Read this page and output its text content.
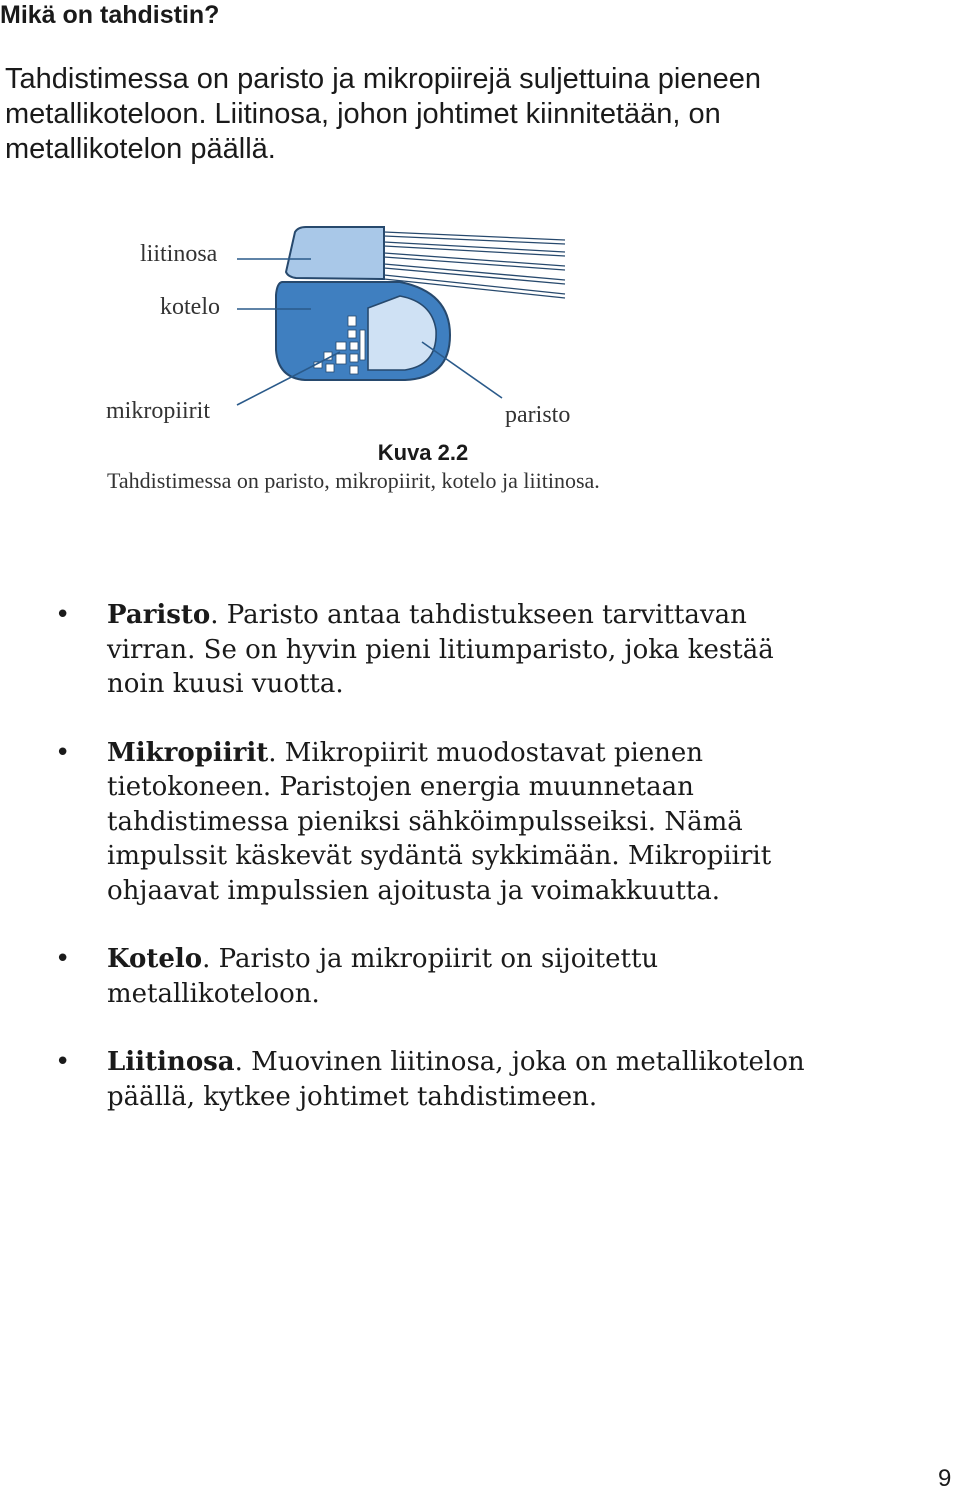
Mikä on tahdistin?
Tahdistimessa on paristo ja mikropiirejä suljettuina pieneen
metallikoteloon. Liitinosa, johon johtimet kiinnitetään, on
metallikotelon päällä.
liitinosa
kotelo
mikropiirit	paristo
Kuva 2.2
Tahdistimessa on paristo, mikropiirit, kotelo ja liitinosa.
• Paristo. Paristo antaa tahdistukseen tarvittavan
virran. Se on hyvin pieni litiumparisto, joka kestää
noin kuusi vuotta.
• Mikropiirit. Mikropiirit muodostavat pienen
tietokoneen. Paristojen energia muunnetaan
tahdistimessa pieniksi sähköimpulsseiksi. Nämä
impulssit käskevät sydäntä sykkimään. Mikropiirit
ohjaavat impulssien ajoitusta ja voimakkuutta.
• Kotelo. Paristo ja mikropiirit on sijoitettu
metallikoteloon.
• Liitinosa. Muovinen liitinosa, joka on metallikotelon
päällä, kytkee johtimet tahdistimeen.
9
